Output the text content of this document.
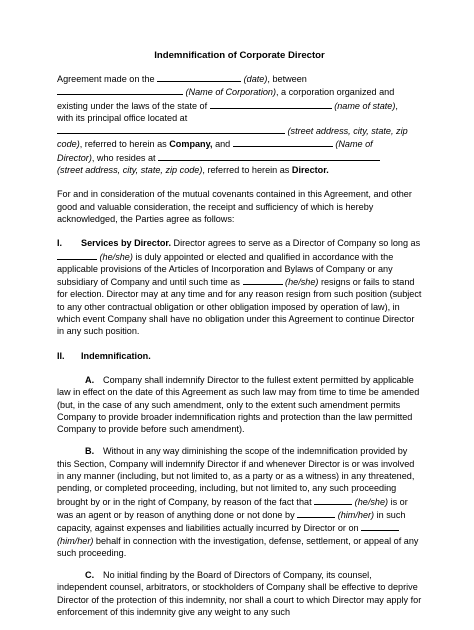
Indemnification of Corporate Director

Agreement made on the	(date), between
(Name of Corporation), a corporation organized and
existing under the laws of the state of	(name of state),
with its principal office located at
(street address, city, state, zip
code), referred to herein as Company, and	(Name of
Director), who resides at
(street address, city, state, zip code), referred to herein as Director.

For and in consideration of the mutual covenants contained in this Agreement, and other good and valuable consideration, the receipt and sufficiency of which is hereby acknowledged, the Parties agree as follows:

I. Services by Director. Director agrees to serve as a Director of Company so long as  (he/she) is duly appointed or elected and qualified in accordance with the applicable provisions of the Articles of Incorporation and Bylaws of Company or any subsidiary of Company and until such time as	(he/she) resigns or fails to stand for election. Director may at any time and for any reason resign from such position (subject to any other contractual obligation or other obligation imposed by operation of law), in which event Company shall have no obligation under this Agreement to continue Director in any such position.

II. Indemnification.

A. Company shall indemnify Director to the fullest extent permitted by applicable law in effect on the date of this Agreement as such law may from time to time be amended (but, in the case of any such amendment, only to the extent such amendment permits Company to provide broader indemnification rights and protection than the law permitted Company to provide before such amendment).

B. Without in any way diminishing the scope of the indemnification provided by this Section, Company will indemnify Director if and whenever Director is or was involved in any manner (including, but not limited to, as a party or as a witness) in any threatened, pending, or completed proceeding, including, but not limited to, any such proceeding brought by or in the right of Company, by reason of the fact that	(he/she) is or was an agent or by reason of anything done or not done by	(him/her) in such capacity, against expenses and liabilities actually incurred by Director or on  (him/her) behalf in connection with the investigation, defense, settlement, or appeal of any such proceeding.

C. No initial finding by the Board of Directors of Company, its counsel, independent counsel, arbitrators, or stockholders of Company shall be effective to deprive Director of the protection of this indemnity, nor shall a court to which Director may apply for enforcement of this indemnity give any weight to any such
